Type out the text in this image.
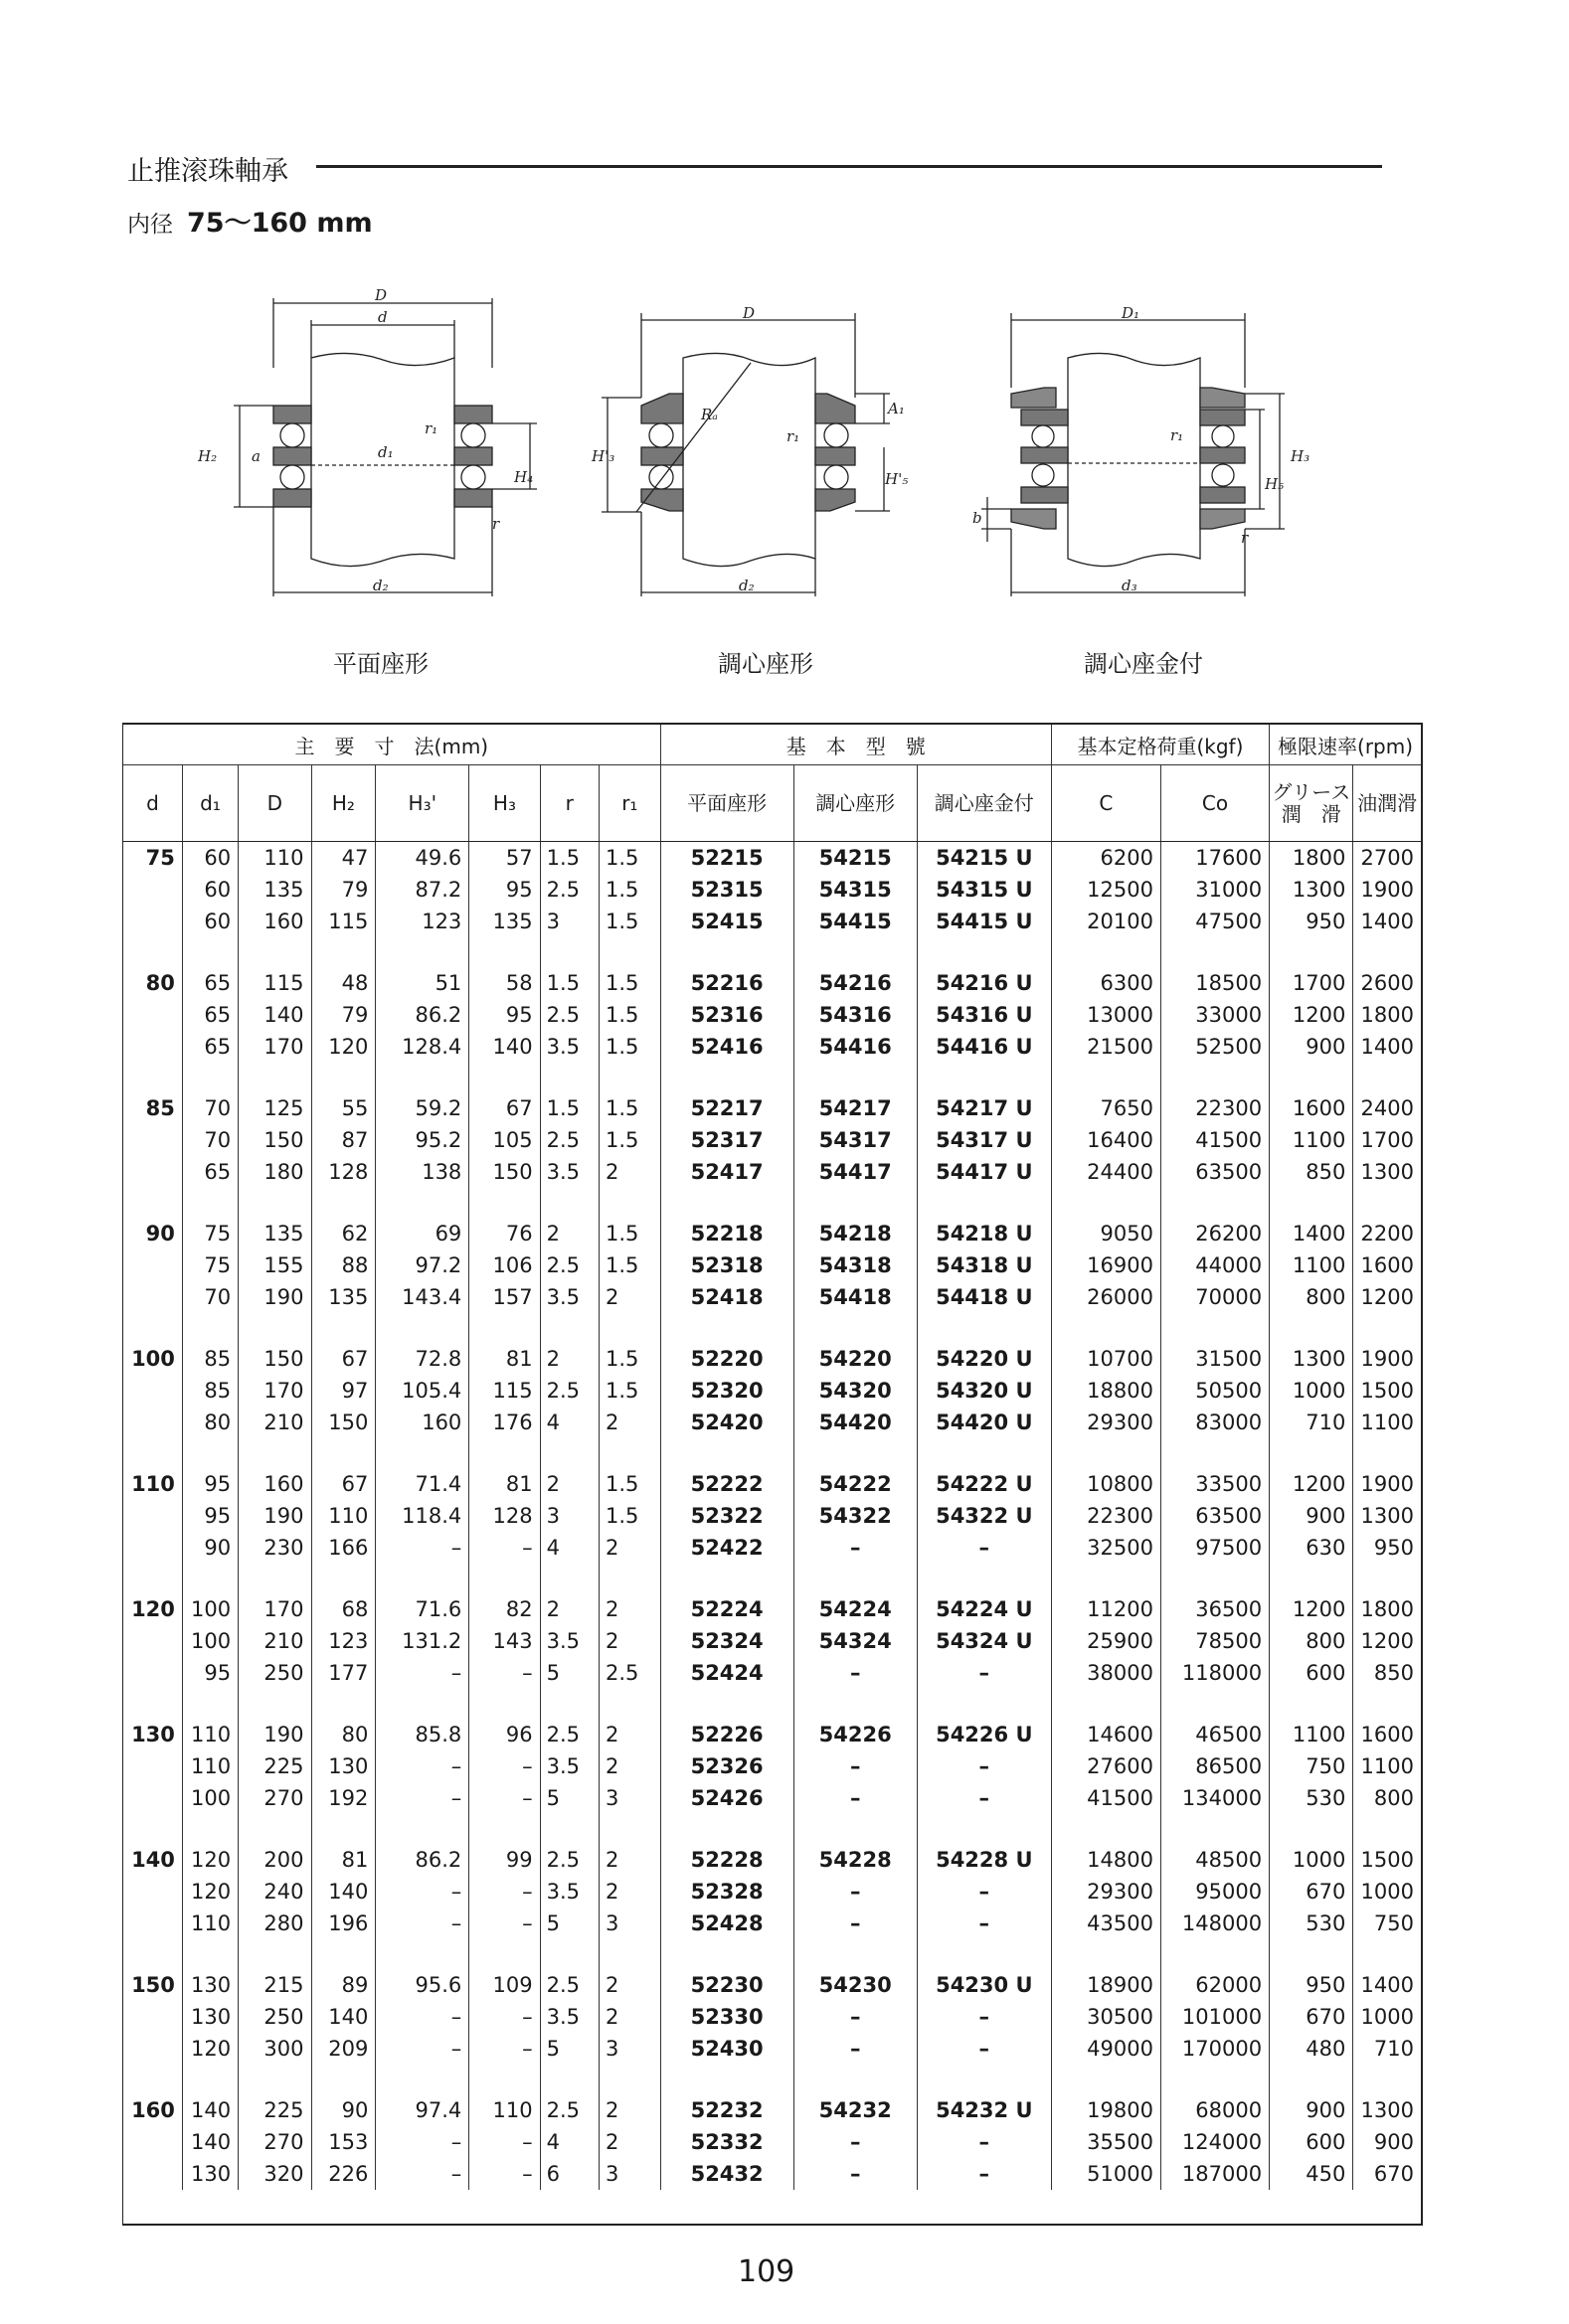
止推滚珠軸承
内径 75～160 mm
D
d
d₁
d₂
H₂ a
r₁
H₄
r
D
Rₐ	A₁
H'₃
H'₅
r₁
d₂
D₁
H₃
H₅
b
r₁
r
d₃
平面座形	調心座形	調心座金付
主　要　寸　法(mm)								基　本　型　號			基本定格荷重(kgf)		極限速率(rpm)	
d	d₁	D	H₂	H₃'	H₃	r	r₁	平面座形	調心座形	調心座金付	C	Co	グリース潤　滑	油潤滑
75	60	110	47	49.6	57	1.5	1.5	52215	54215	54215 U	6200	17600	1800	2700
	60	135	79	87.2	95	2.5	1.5	52315	54315	54315 U	12500	31000	1300	1900
	60	160	115	123	135	3	1.5	52415	54415	54415 U	20100	47500	950	1400

80	65	115	48	51	58	1.5	1.5	52216	54216	54216 U	6300	18500	1700	2600
	65	140	79	86.2	95	2.5	1.5	52316	54316	54316 U	13000	33000	1200	1800
	65	170	120	128.4	140	3.5	1.5	52416	54416	54416 U	21500	52500	900	1400

85	70	125	55	59.2	67	1.5	1.5	52217	54217	54217 U	7650	22300	1600	2400
	70	150	87	95.2	105	2.5	1.5	52317	54317	54317 U	16400	41500	1100	1700
	65	180	128	138	150	3.5	2	52417	54417	54417 U	24400	63500	850	1300

90	75	135	62	69	76	2	1.5	52218	54218	54218 U	9050	26200	1400	2200
	75	155	88	97.2	106	2.5	1.5	52318	54318	54318 U	16900	44000	1100	1600
	70	190	135	143.4	157	3.5	2	52418	54418	54418 U	26000	70000	800	1200

100	85	150	67	72.8	81	2	1.5	52220	54220	54220 U	10700	31500	1300	1900
	85	170	97	105.4	115	2.5	1.5	52320	54320	54320 U	18800	50500	1000	1500
	80	210	150	160	176	4	2	52420	54420	54420 U	29300	83000	710	1100

110	95	160	67	71.4	81	2	1.5	52222	54222	54222 U	10800	33500	1200	1900
	95	190	110	118.4	128	3	1.5	52322	54322	54322 U	22300	63500	900	1300
	90	230	166	–	–	4	2	52422	–	–	32500	97500	630	950

120	100	170	68	71.6	82	2	2	52224	54224	54224 U	11200	36500	1200	1800
	100	210	123	131.2	143	3.5	2	52324	54324	54324 U	25900	78500	800	1200
	95	250	177	–	–	5	2.5	52424	–	–	38000	118000	600	850

130	110	190	80	85.8	96	2.5	2	52226	54226	54226 U	14600	46500	1100	1600
	110	225	130	–	–	3.5	2	52326	–	–	27600	86500	750	1100
	100	270	192	–	–	5	3	52426	–	–	41500	134000	530	800

140	120	200	81	86.2	99	2.5	2	52228	54228	54228 U	14800	48500	1000	1500
	120	240	140	–	–	3.5	2	52328	–	–	29300	95000	670	1000
	110	280	196	–	–	5	3	52428	–	–	43500	148000	530	750

150	130	215	89	95.6	109	2.5	2	52230	54230	54230 U	18900	62000	950	1400
	130	250	140	–	–	3.5	2	52330	–	–	30500	101000	670	1000
	120	300	209	–	–	5	3	52430	–	–	49000	170000	480	710

160	140	225	90	97.4	110	2.5	2	52232	54232	54232 U	19800	68000	900	1300
	140	270	153	–	–	4	2	52332	–	–	35500	124000	600	900
	130	320	226	–	–	6	3	52432	–	–	51000	187000	450	670
109
